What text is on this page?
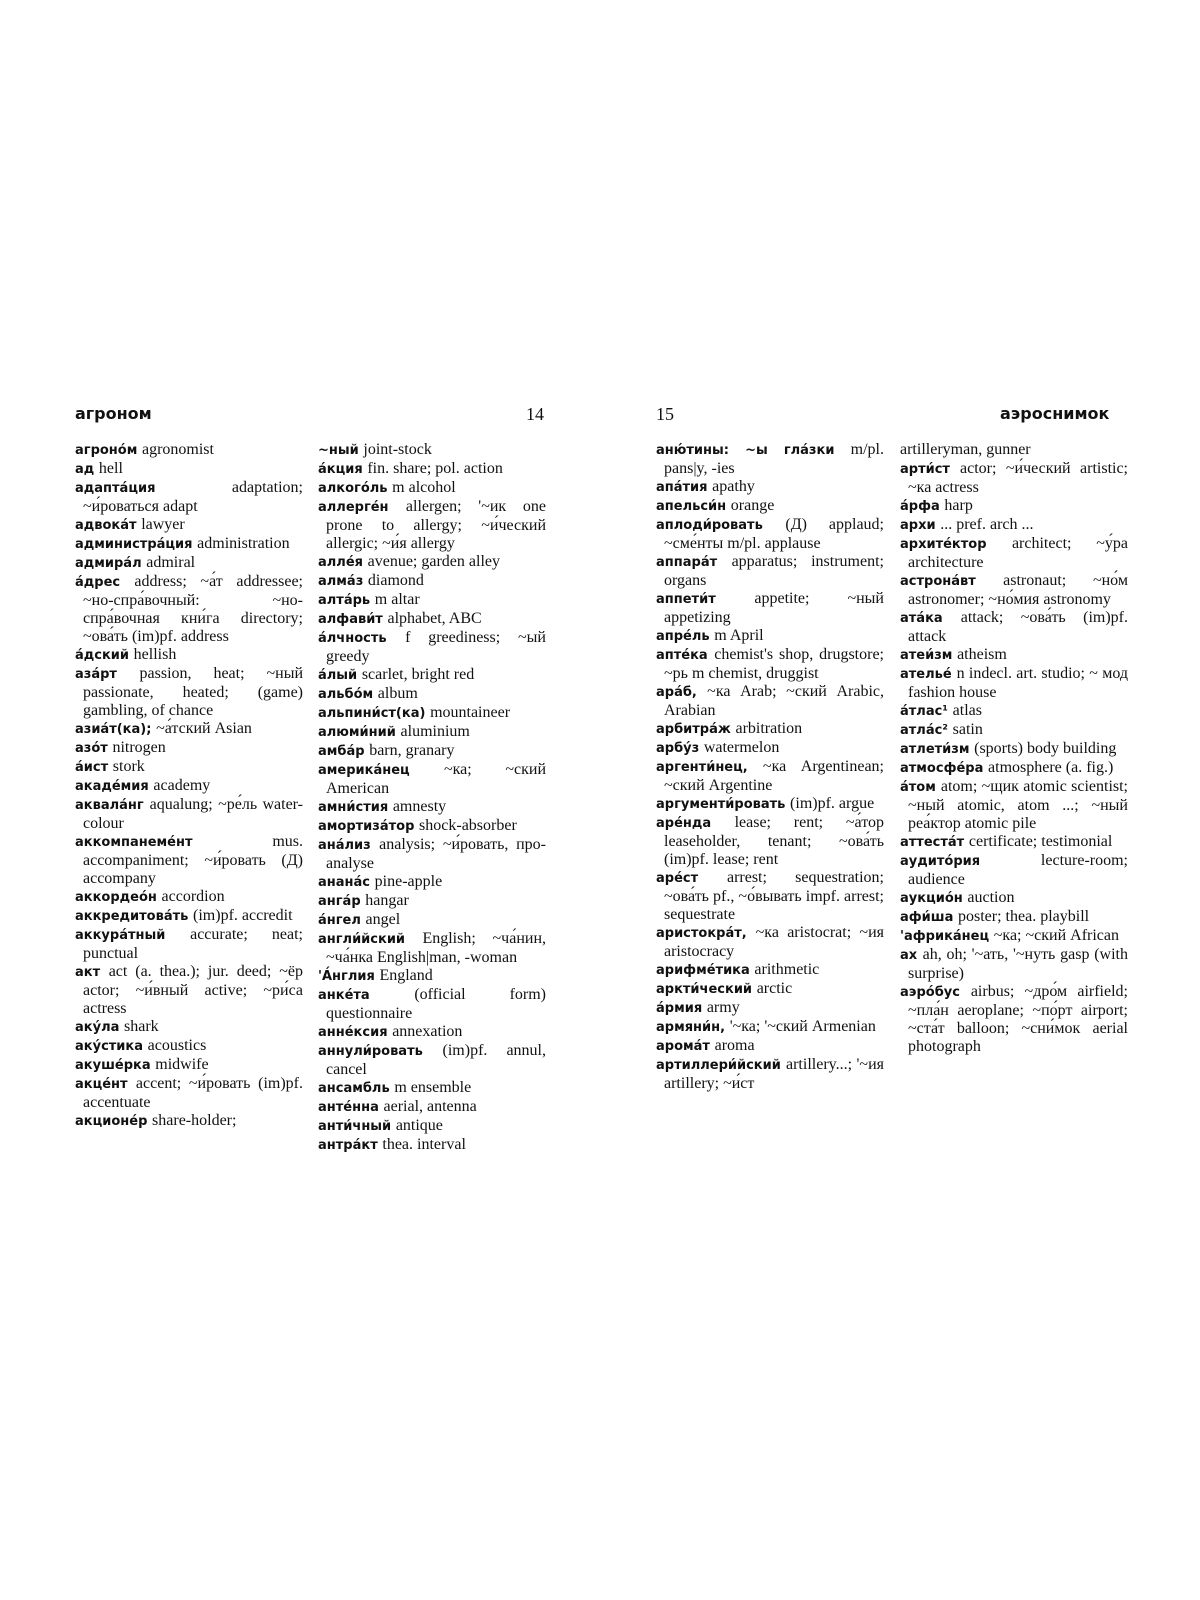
агроном	14
агроно́м agronomist
ад hell
адапта́ция	adaptation; ~и́роваться adapt
адвока́т lawyer
администра́ция administration
адмира́л admiral
а́дрес address; ~а́т addressee; ~но-спра́вочный: ~но-спра́вочная кни́га directory; ~ова́ть (im)pf. address
а́дский hellish
аза́рт passion, heat; ~ный passionate, heated; (game) gambling, of chance
азиа́т(ка); ~а́тский Asian
азо́т nitrogen
а́ист stork
акаде́мия academy
аквала́нг aqualung; ~ре́ль water-colour
аккомпанеме́нт	mus. accompaniment; ~и́ровать (Д) accompany
аккордео́н accordion
аккредитова́ть (im)pf. accredit
аккура́тный accurate; neat; punctual
акт act (a. thea.); jur. deed; ~ёр actor; ~и́вный active; ~ри́са actress
аку́ла shark
аку́стика acoustics
акуше́рка midwife
акце́нт accent; ~и́ровать (im)pf. accentuate
акционе́р share-holder;
~ный joint-stock
а́кция fin. share; pol. action
алкого́ль m alcohol
аллерге́н allergen; '~ик one prone to allergy; ~и́ческий allergic; ~и́я allergy
алле́я avenue; garden alley
алма́з diamond
алта́рь m altar
алфави́т alphabet, ABC
а́лчность f greediness; ~ый greedy
а́лый scarlet, bright red
альбо́м album
альпини́ст(ка) mountaineer
алюми́ний aluminium
амба́р barn, granary
америка́нец ~ка; ~ский American
амни́стия amnesty
амортиза́тор shock-absorber
ана́лиз analysis; ~и́ровать, про- analyse
анана́с pine-apple
анга́р hangar
а́нгел angel
англи́йский English; ~ча́нин, ~ча́нка English|man, -woman
'А́нглия England
анке́та	(official form) questionnaire
анне́ксия annexation
аннули́ровать (im)pf. annul, cancel
ансамбль m ensemble
анте́нна aerial, antenna
анти́чный antique
антра́кт thea. interval
15	аэроснимок
аню́тины: ~ы гла́зки m/pl. pans|y, -ies
апа́тия apathy
апельси́н orange
аплоди́ровать (Д) applaud; ~сме́нты m/pl. applause
аппара́т apparatus; instrument; organs
аппети́т appetite; ~ный appetizing
апре́ль m April
апте́ка chemist's shop, drugstore; ~рь m chemist, druggist
ара́б, ~ка Arab; ~ский Arabic, Arabian
арбитра́ж arbitration
арбу́з watermelon
аргенти́нец, ~ка Argentinean; ~ский Argentine
аргументи́ровать (im)pf. argue
аре́нда lease; rent; ~а́тор leaseholder, tenant; ~ова́ть (im)pf. lease; rent
аре́ст arrest; sequestration; ~ова́ть pf., ~о́вывать impf. arrest; sequestrate
аристокра́т, ~ка aristocrat; ~ия aristocracy
арифме́тика arithmetic
аркти́ческий arctic
а́рмия army
армяни́н, '~ка; '~ский Armenian
арома́т aroma
артиллери́йский artillery...; '~ия artillery; ~и́ст
artilleryman, gunner
арти́ст actor; ~и́ческий artistic; ~ка actress
а́рфа harp
архи ... pref. arch ...
архите́ктор architect; ~у́ра architecture
астрона́вт astronaut; ~но́м astronomer; ~но́мия astronomy
ата́ка attack; ~ова́ть (im)pf. attack
атеи́зм atheism
ателье́ n indecl. art. studio; ~ мод fashion house
а́тлас¹ atlas
атла́с² satin
атлети́зм (sports) body building
атмосфе́ра atmosphere (a. fig.)
а́том atom; ~щик atomic scientist; ~ный atomic, atom ...; ~ный реа́ктор atomic pile
аттеста́т certificate; testimonial
аудито́рия	lecture-room; audience
аукцио́н auction
афи́ша poster; thea. playbill
'африка́нец ~ка; ~ский African
ах ah, oh; '~ать, '~нуть gasp (with surprise)
аэро́бус airbus; ~дро́м airfield; ~пла́н aeroplane; ~по́рт airport; ~ста́т balloon; ~сни́мок aerial photograph
